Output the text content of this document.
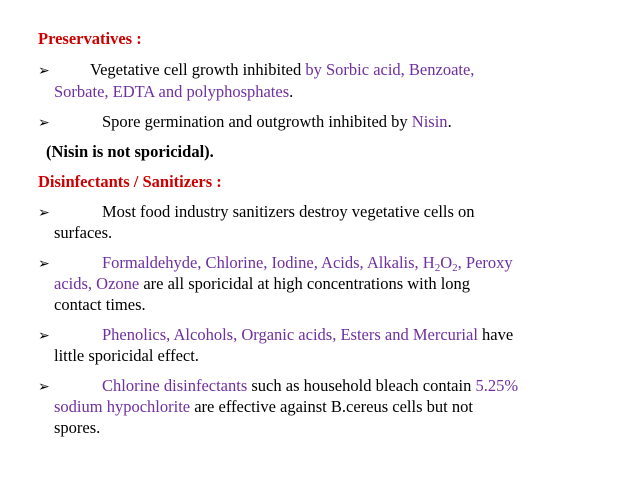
Preservatives :
➢ Vegetative cell growth inhibited by Sorbic acid, Benzoate,
Sorbate, EDTA and polyphosphates.
➢	Spore germination and outgrowth inhibited by Nisin.
(Nisin is not sporicidal).
Disinfectants / Sanitizers :
➢	Most food industry sanitizers destroy vegetative cells on
surfaces.
➢	Formaldehyde, Chlorine, Iodine, Acids, Alkalis, $H_2O_2$, Peroxy
acids, Ozone are all sporicidal at high concentrations with long
contact times.
➢	Phenolics, Alcohols, Organic acids, Esters and Mercurial have
little sporicidal effect.
➢	Chlorine disinfectants such as household bleach contain 5.25%
sodium hypochlorite are effective against B.cereus cells but not
spores.
